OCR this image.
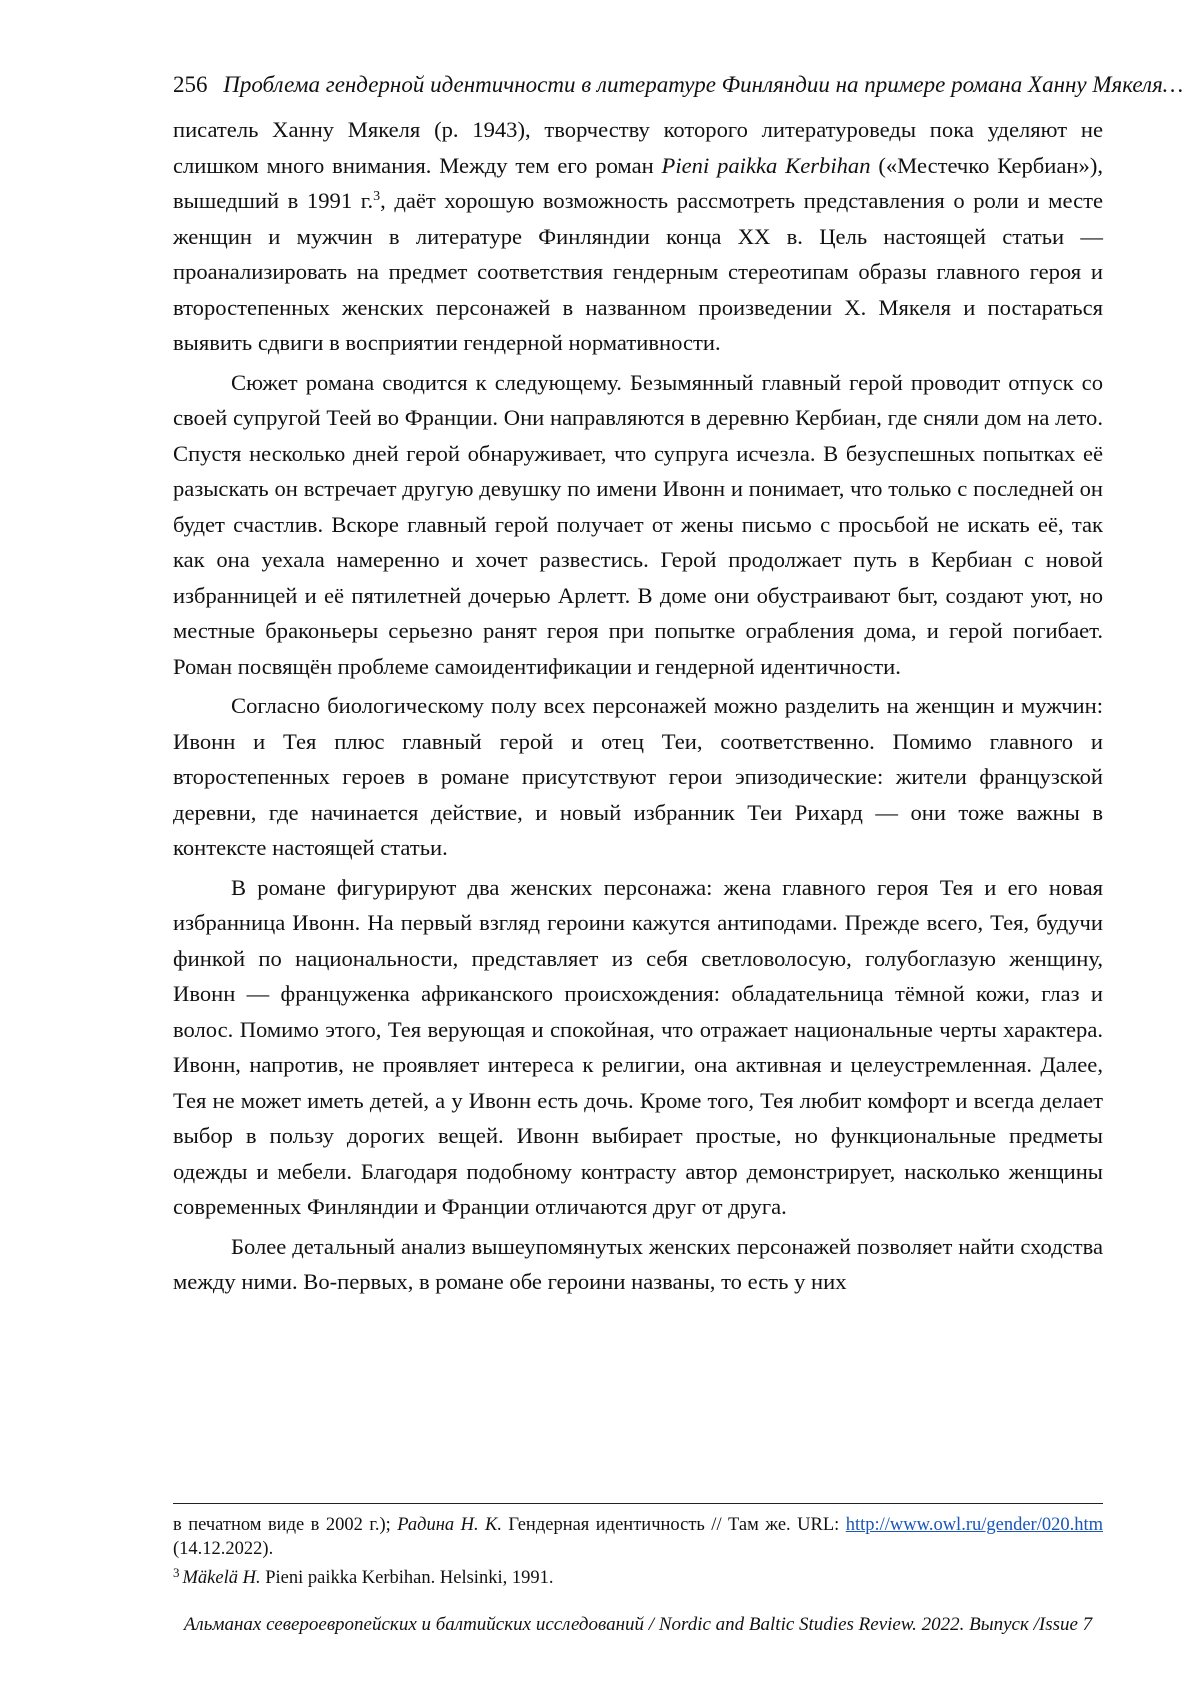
256 Проблема гендерной идентичности в литературе Финляндии на примере романа Ханну Мякеля…

писатель Ханну Мякеля (р. 1943), творчеству которого литературоведы пока уделяют не слишком много внимания. Между тем его роман Pieni paikka Kerbihan («Местечко Кербиан»), вышедший в 1991 г.$^3$, даёт хорошую возможность рассмотреть представления о роли и месте женщин и мужчин в литературе Финляндии конца XX в. Цель настоящей статьи — проанализировать на предмет соответствия гендерным стереотипам образы главного героя и второстепенных женских персонажей в названном произведении Х. Мякеля и постараться выявить сдвиги в восприятии гендерной нормативности.

Сюжет романа сводится к следующему. Безымянный главный герой проводит отпуск со своей супругой Теей во Франции. Они направляются в деревню Кербиан, где сняли дом на лето. Спустя несколько дней герой обнаруживает, что супруга исчезла. В безуспешных попытках её разыскать он встречает другую девушку по имени Ивонн и понимает, что только с последней он будет счастлив. Вскоре главный герой получает от жены письмо с просьбой не искать её, так как она уехала намеренно и хочет развестись. Герой продолжает путь в Кербиан с новой избранницей и её пятилетней дочерью Арлетт. В доме они обустраивают быт, создают уют, но местные браконьеры серьезно ранят героя при попытке ограбления дома, и герой погибает. Роман посвящён проблеме самоидентификации и гендерной идентичности.

Согласно биологическому полу всех персонажей можно разделить на женщин и мужчин: Ивонн и Тея плюс главный герой и отец Теи, соответственно. Помимо главного и второстепенных героев в романе присутствуют герои эпизодические: жители французской деревни, где начинается действие, и новый избранник Теи Рихард — они тоже важны в контексте настоящей статьи.

В романе фигурируют два женских персонажа: жена главного героя Тея и его новая избранница Ивонн. На первый взгляд героини кажутся антиподами. Прежде всего, Тея, будучи финкой по национальности, представляет из себя светловолосую, голубоглазую женщину, Ивонн — француженка африканского происхождения: обладательница тёмной кожи, глаз и волос. Помимо этого, Тея верующая и спокойная, что отражает национальные черты характера. Ивонн, напротив, не проявляет интереса к религии, она активная и целеустремленная. Далее, Тея не может иметь детей, а у Ивонн есть дочь. Кроме того, Тея любит комфорт и всегда делает выбор в пользу дорогих вещей. Ивонн выбирает простые, но функциональные предметы одежды и мебели. Благодаря подобному контрасту автор демонстрирует, насколько женщины современных Финляндии и Франции отличаются друг от друга.

Более детальный анализ вышеупомянутых женских персонажей позволяет найти сходства между ними. Во-первых, в романе обе героини названы, то есть у них

в печатном виде в 2002 г.); Радина Н. К. Гендерная идентичность // Там же. URL: http://www.owl.ru/gender/020.htm (14.12.2022).

$^3$ Mäkelä H. Pieni paikka Kerbihan. Helsinki, 1991.

Альманах североевропейских и балтийских исследований / Nordic and Baltic Studies Review. 2022. Выпуск /Issue 7
